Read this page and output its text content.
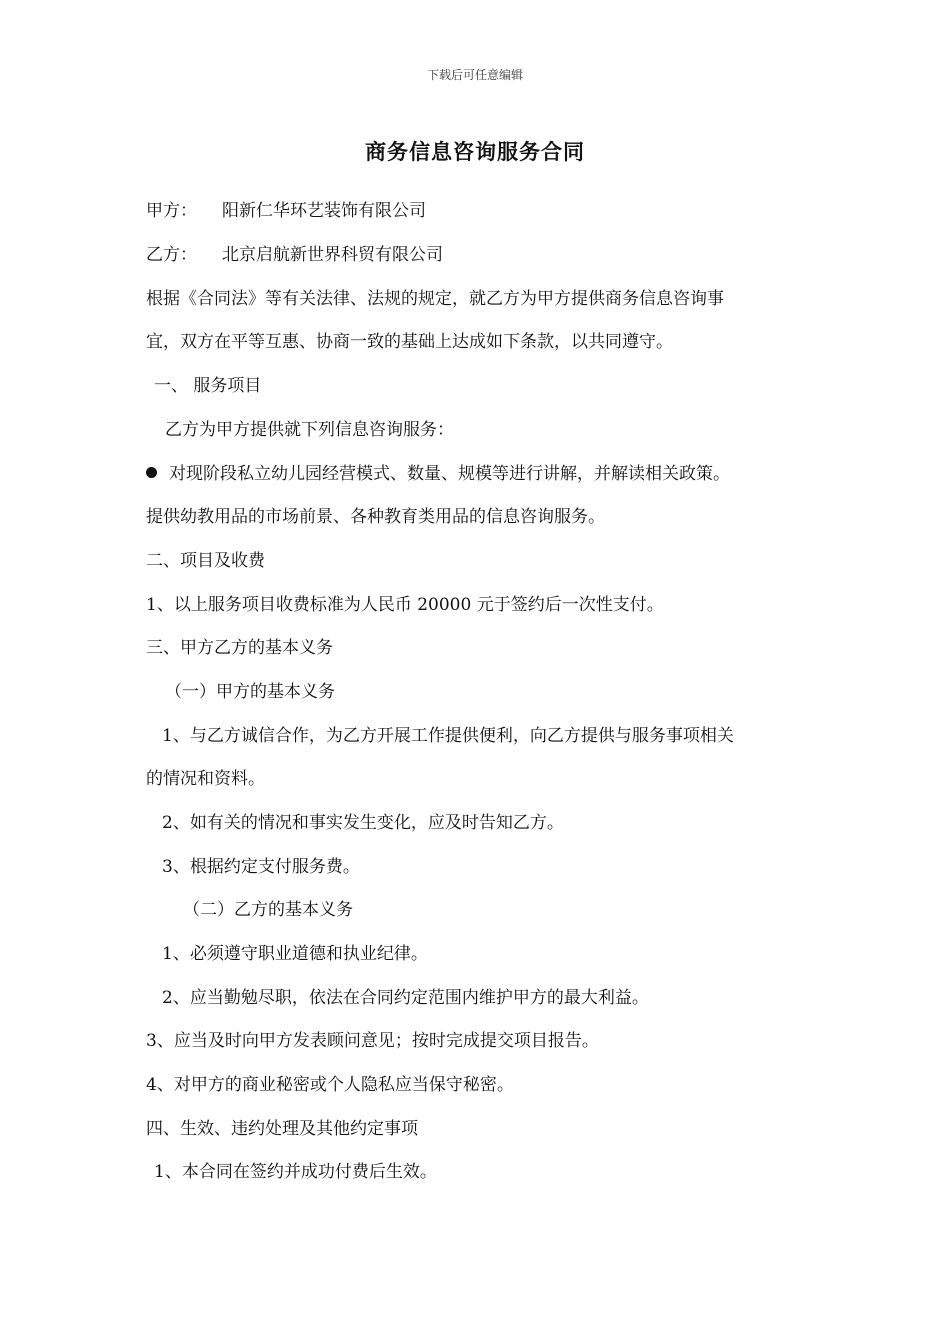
下载后可任意编辑
商务信息咨询服务合同
甲方： 阳新仁华环艺装饰有限公司
乙方： 北京启航新世界科贸有限公司
根据《合同法》等有关法律、法规的规定，就乙方为甲方提供商务信息咨询事
宜，双方在平等互惠、协商一致的基础上达成如下条款，以共同遵守。
一、 服务项目
乙方为甲方提供就下列信息咨询服务：
对现阶段私立幼儿园经营模式、数量、规模等进行讲解，并解读相关政策。
提供幼教用品的市场前景、各种教育类用品的信息咨询服务。
二、项目及收费
1、以上服务项目收费标准为人民币 20000 元于签约后一次性支付。
三、甲方乙方的基本义务
（一）甲方的基本义务
1、与乙方诚信合作，为乙方开展工作提供便利，向乙方提供与服务事项相关
的情况和资料。
2、如有关的情况和事实发生变化，应及时告知乙方。
3、根据约定支付服务费。
（二）乙方的基本义务
1、必须遵守职业道德和执业纪律。
2、应当勤勉尽职，依法在合同约定范围内维护甲方的最大利益。
3、应当及时向甲方发表顾问意见；按时完成提交项目报告。
4、对甲方的商业秘密或个人隐私应当保守秘密。
四、生效、违约处理及其他约定事项
1、本合同在签约并成功付费后生效。
